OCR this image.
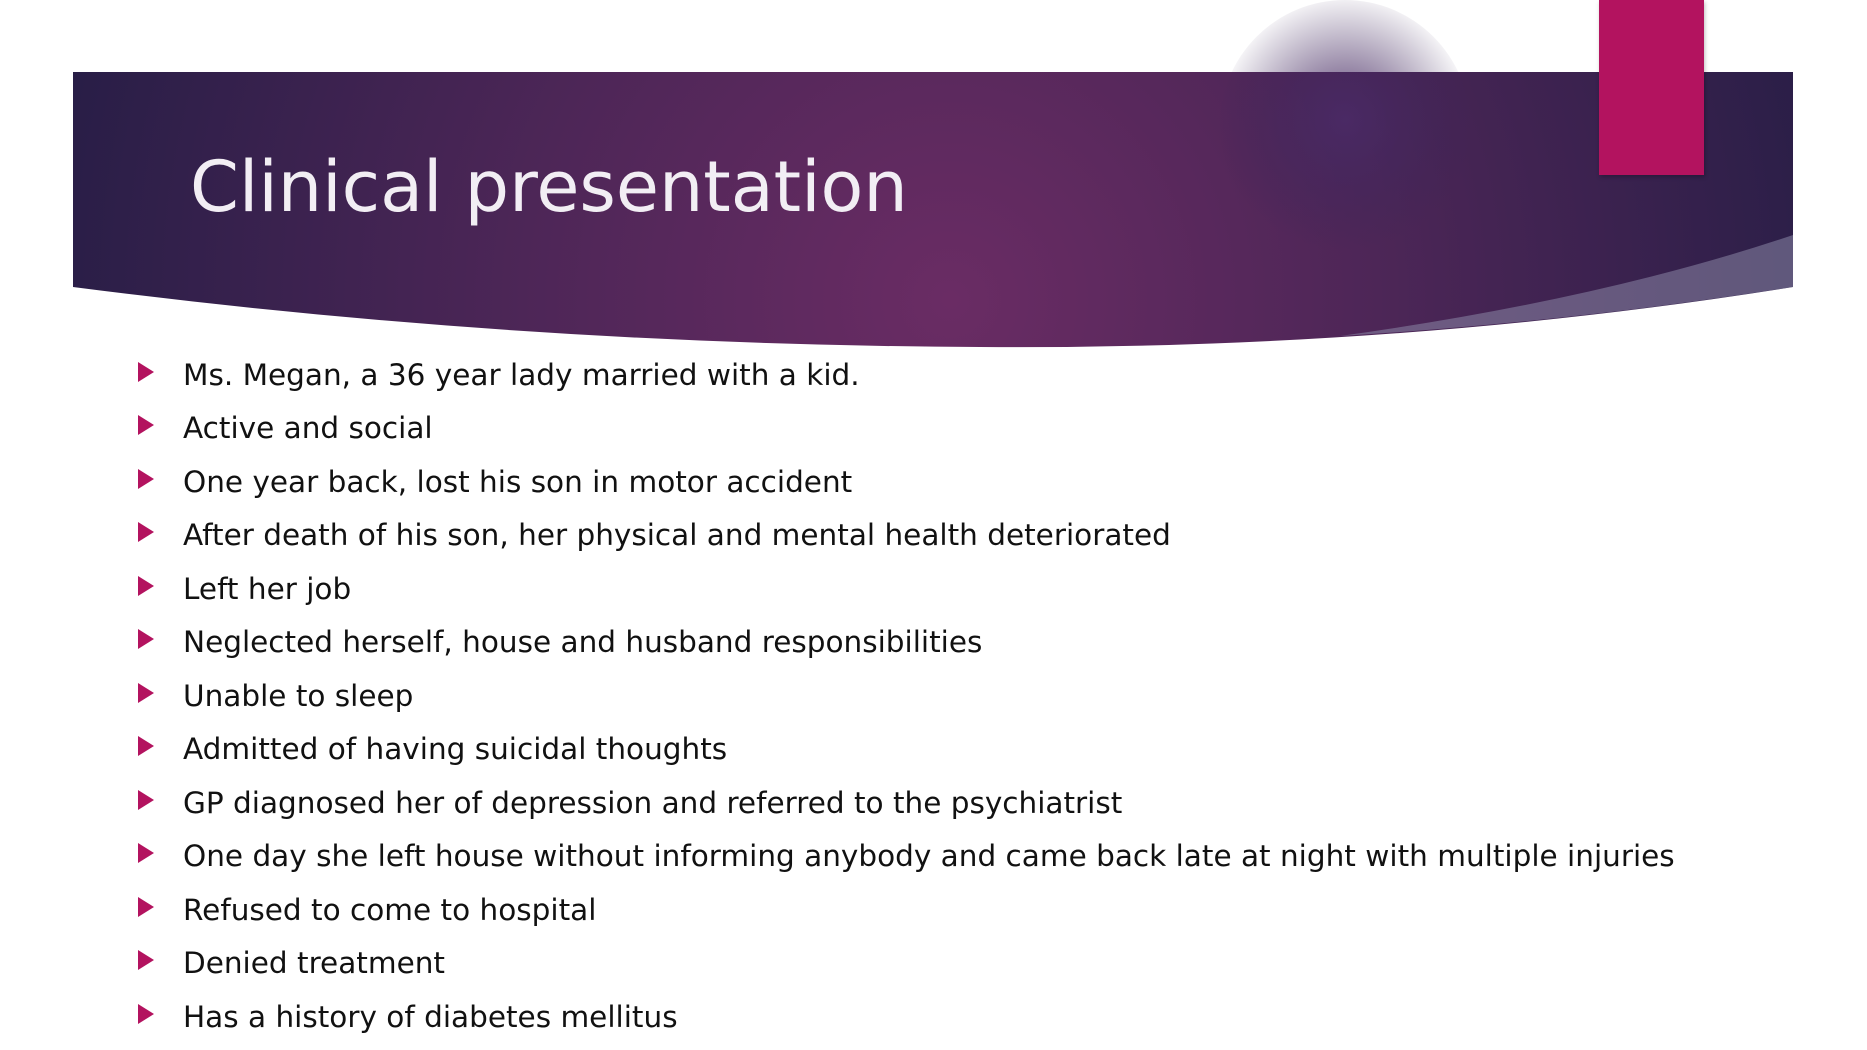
Clinical presentation
Ms. Megan, a 36 year lady married with a kid.
Active and social
One year back, lost his son in motor accident
After death of his son, her physical and mental health deteriorated
Left her job
Neglected herself, house and husband responsibilities
Unable to sleep
Admitted of having suicidal thoughts
GP diagnosed her of depression and referred to the psychiatrist
One day she left house without informing anybody and came back late at night with multiple injuries
Refused to come to hospital
Denied treatment
Has a history of diabetes mellitus
